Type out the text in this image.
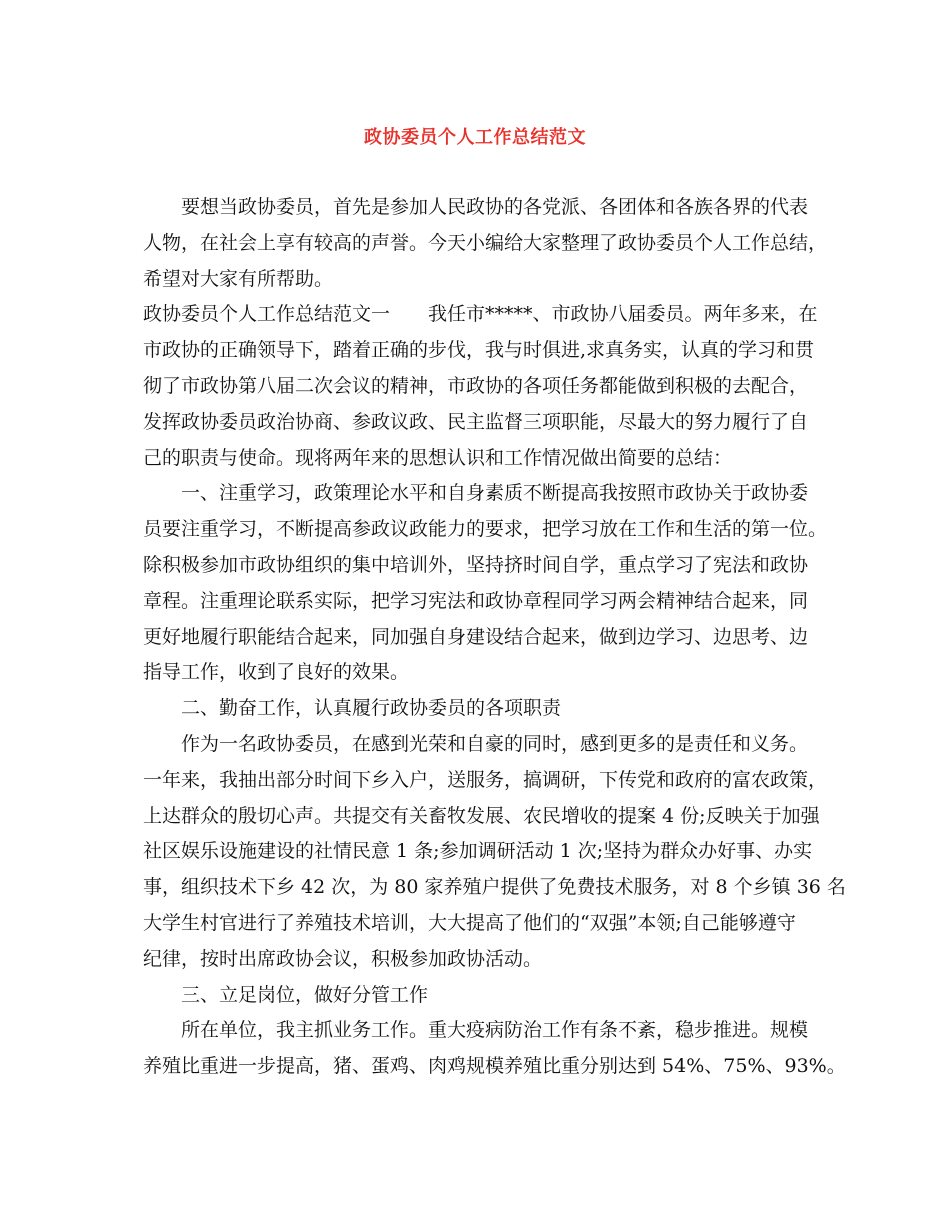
政协委员个人工作总结范文
要想当政协委员，首先是参加人民政协的各党派、各团体和各族各界的代表
人物，在社会上享有较高的声誉。今天小编给大家整理了政协委员个人工作总结，
希望对大家有所帮助。
政协委员个人工作总结范文一　　我任市*****、市政协八届委员。两年多来，在
市政协的正确领导下，踏着正确的步伐，我与时俱进,求真务实，认真的学习和贯
彻了市政协第八届二次会议的精神，市政协的各项任务都能做到积极的去配合，
发挥政协委员政治协商、参政议政、民主监督三项职能，尽最大的努力履行了自
己的职责与使命。现将两年来的思想认识和工作情况做出简要的总结：
一、注重学习，政策理论水平和自身素质不断提高我按照市政协关于政协委
员要注重学习，不断提高参政议政能力的要求，把学习放在工作和生活的第一位。
除积极参加市政协组织的集中培训外，坚持挤时间自学，重点学习了宪法和政协
章程。注重理论联系实际，把学习宪法和政协章程同学习两会精神结合起来，同
更好地履行职能结合起来，同加强自身建设结合起来，做到边学习、边思考、边
指导工作，收到了良好的效果。
二、勤奋工作，认真履行政协委员的各项职责
作为一名政协委员，在感到光荣和自豪的同时，感到更多的是责任和义务。
一年来，我抽出部分时间下乡入户，送服务，搞调研，下传党和政府的富农政策，
上达群众的殷切心声。共提交有关畜牧发展、农民增收的提案 4 份;反映关于加强
社区娱乐设施建设的社情民意 1 条;参加调研活动 1 次;坚持为群众办好事、办实
事，组织技术下乡 42 次，为 80 家养殖户提供了免费技术服务，对 8 个乡镇 36 名
大学生村官进行了养殖技术培训，大大提高了他们的“双强”本领;自己能够遵守
纪律，按时出席政协会议，积极参加政协活动。
三、立足岗位，做好分管工作
所在单位，我主抓业务工作。重大疫病防治工作有条不紊，稳步推进。规模
养殖比重进一步提高，猪、蛋鸡、肉鸡规模养殖比重分别达到 54%、75%、93%。
